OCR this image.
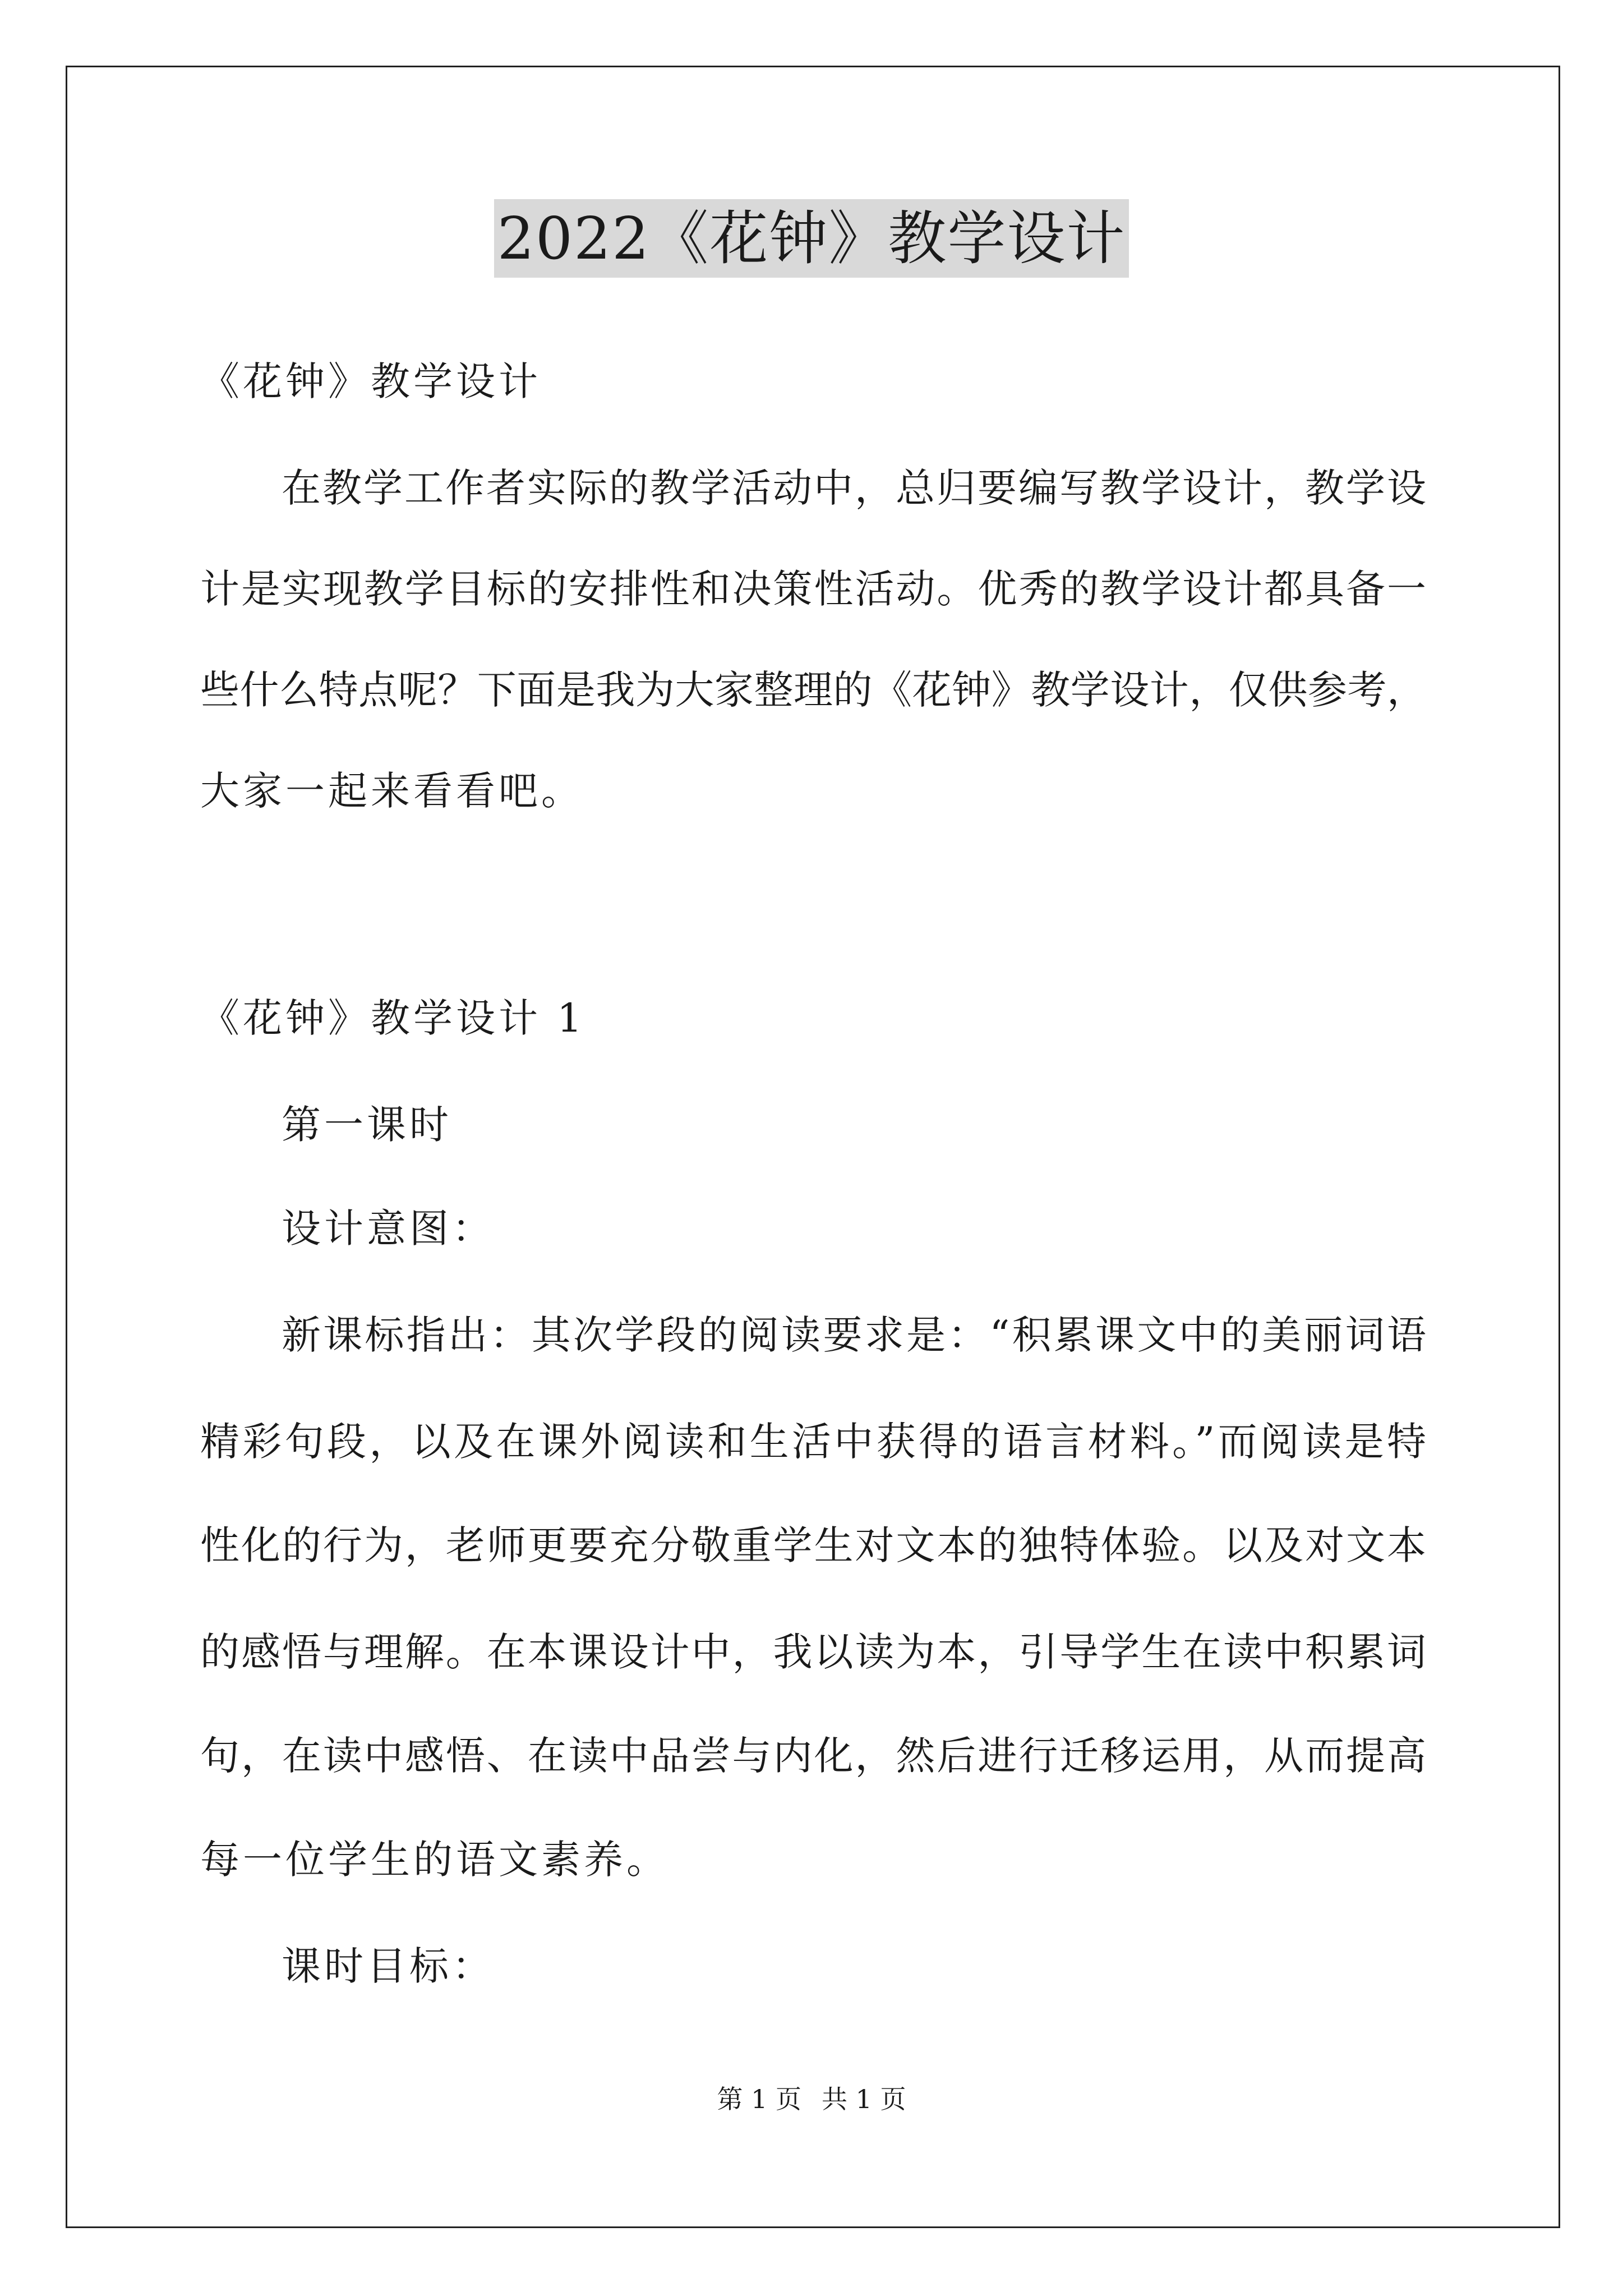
2022《花钟》教学设计
《花钟》教学设计
在教学工作者实际的教学活动中，总归要编写教学设计，教学设
计是实现教学目标的安排性和决策性活动。优秀的教学设计都具备一
些什么特点呢？下面是我为大家整理的《花钟》教学设计，仅供参考，
大家一起来看看吧。
《花钟》教学设计 1
第一课时
设计意图：
新课标指出：其次学段的阅读要求是：“积累课文中的美丽词语
精彩句段，以及在课外阅读和生活中获得的语言材料。”而阅读是特
性化的行为，老师更要充分敬重学生对文本的独特体验。以及对文本
的感悟与理解。在本课设计中，我以读为本，引导学生在读中积累词
句，在读中感悟、在读中品尝与内化，然后进行迁移运用，从而提高
每一位学生的语文素养。
课时目标：
第 1 页 共 1 页
